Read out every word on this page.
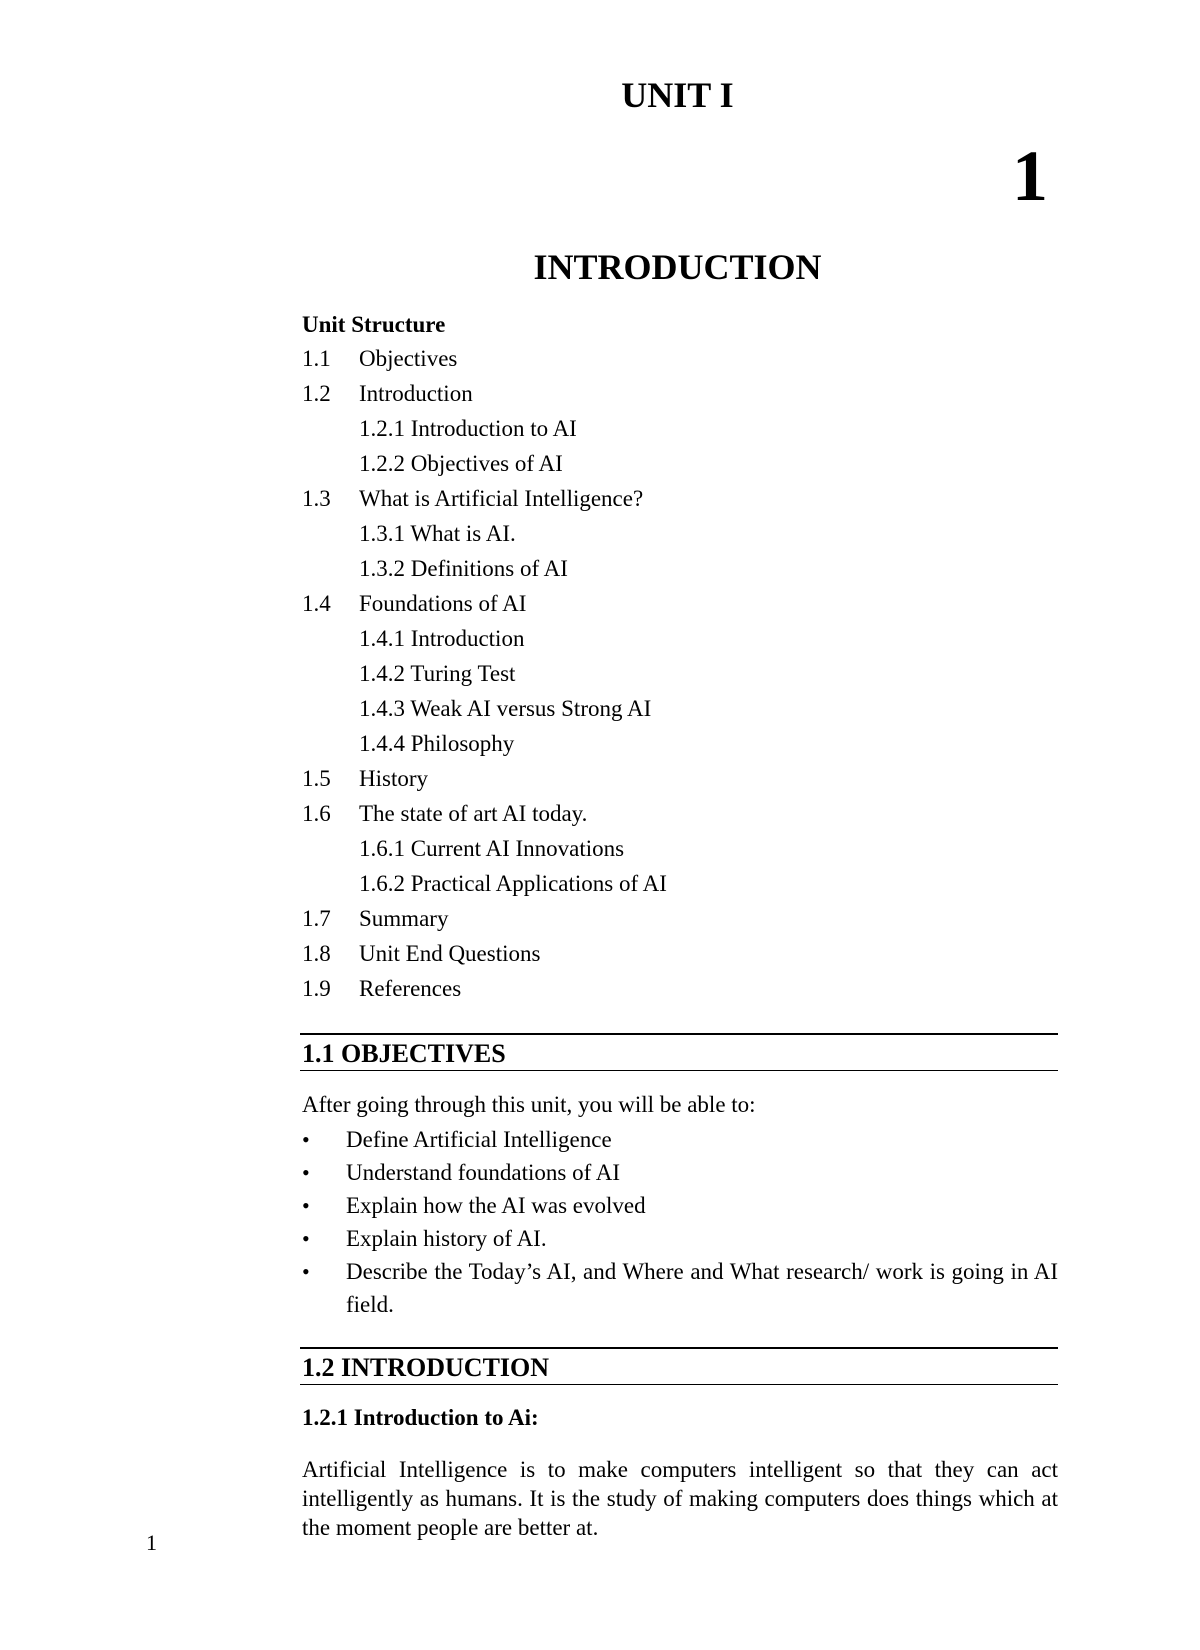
UNIT I
1
INTRODUCTION
Unit Structure
1.1 Objectives
1.2 Introduction
1.2.1 Introduction to AI
1.2.2 Objectives of AI
1.3 What is Artificial Intelligence?
1.3.1 What is AI.
1.3.2 Definitions of AI
1.4 Foundations of AI
1.4.1 Introduction
1.4.2 Turing Test
1.4.3 Weak AI versus Strong AI
1.4.4 Philosophy
1.5 History
1.6 The state of art AI today.
1.6.1 Current AI Innovations
1.6.2 Practical Applications of AI
1.7 Summary
1.8 Unit End Questions
1.9 References
1.1 OBJECTIVES
After going through this unit, you will be able to:
• Define Artificial Intelligence
• Understand foundations of AI
• Explain how the AI was evolved
• Explain history of AI.
• Describe the Today’s AI, and Where and What research/ work is going in AI field.
1.2 INTRODUCTION
1.2.1 Introduction to Ai:

Artificial Intelligence is to make computers intelligent so that they can act intelligently as humans. It is the study of making computers does things which at the moment people are better at.

1
